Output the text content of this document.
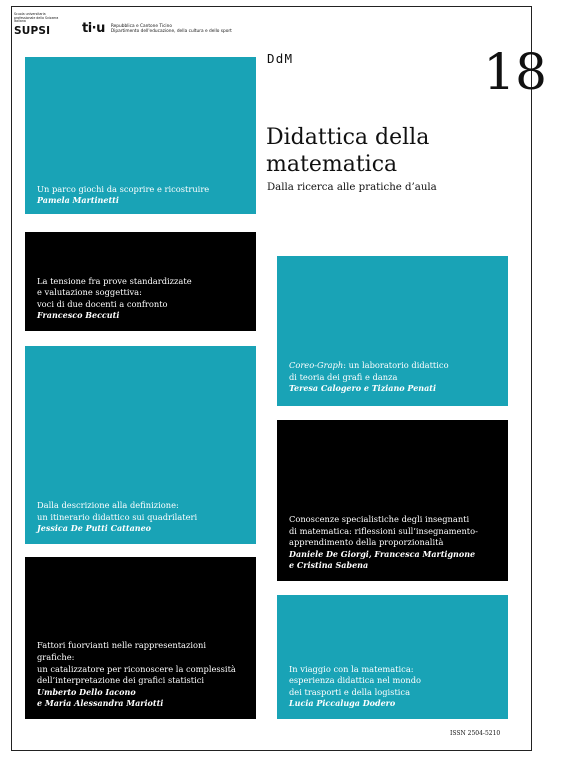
Scuola universitaria professionale della Svizzera italiana
SUPSI	ti·u Repubblica e Cantone Ticino
Dipartimento dell'educazione, della cultura e dello sport
Un parco giochi da scoprire e ricostruire
Pamela Martinetti
La tensione fra prove standardizzate
e valutazione soggettiva:
voci di due docenti a confronto
Francesco Beccuti
Dalla descrizione alla definizione:
un itinerario didattico sui quadrilateri
Jessica De Putti Cattaneo
Fattori fuorvianti nelle rappresentazioni grafiche:
un catalizzatore per riconoscere la complessità
dell’interpretazione dei grafici statistici
Umberto Dello Iacono
e Maria Alessandra Mariotti
Coreo-Graph: un laboratorio didattico
di teoria dei grafi e danza
Teresa Calogero e Tiziano Penati
Conoscenze specialistiche degli insegnanti
di matematica: riflessioni sull’insegnamento-
apprendimento della proporzionalità
Daniele De Giorgi, Francesca Martignone
e Cristina Sabena
In viaggio con la matematica:
esperienza didattica nel mondo
dei trasporti e della logistica
Lucia Piccaluga Dodero
DdM	18
Didattica della matematica
Dalla ricerca alle pratiche d’aula
ISSN 2504-5210
